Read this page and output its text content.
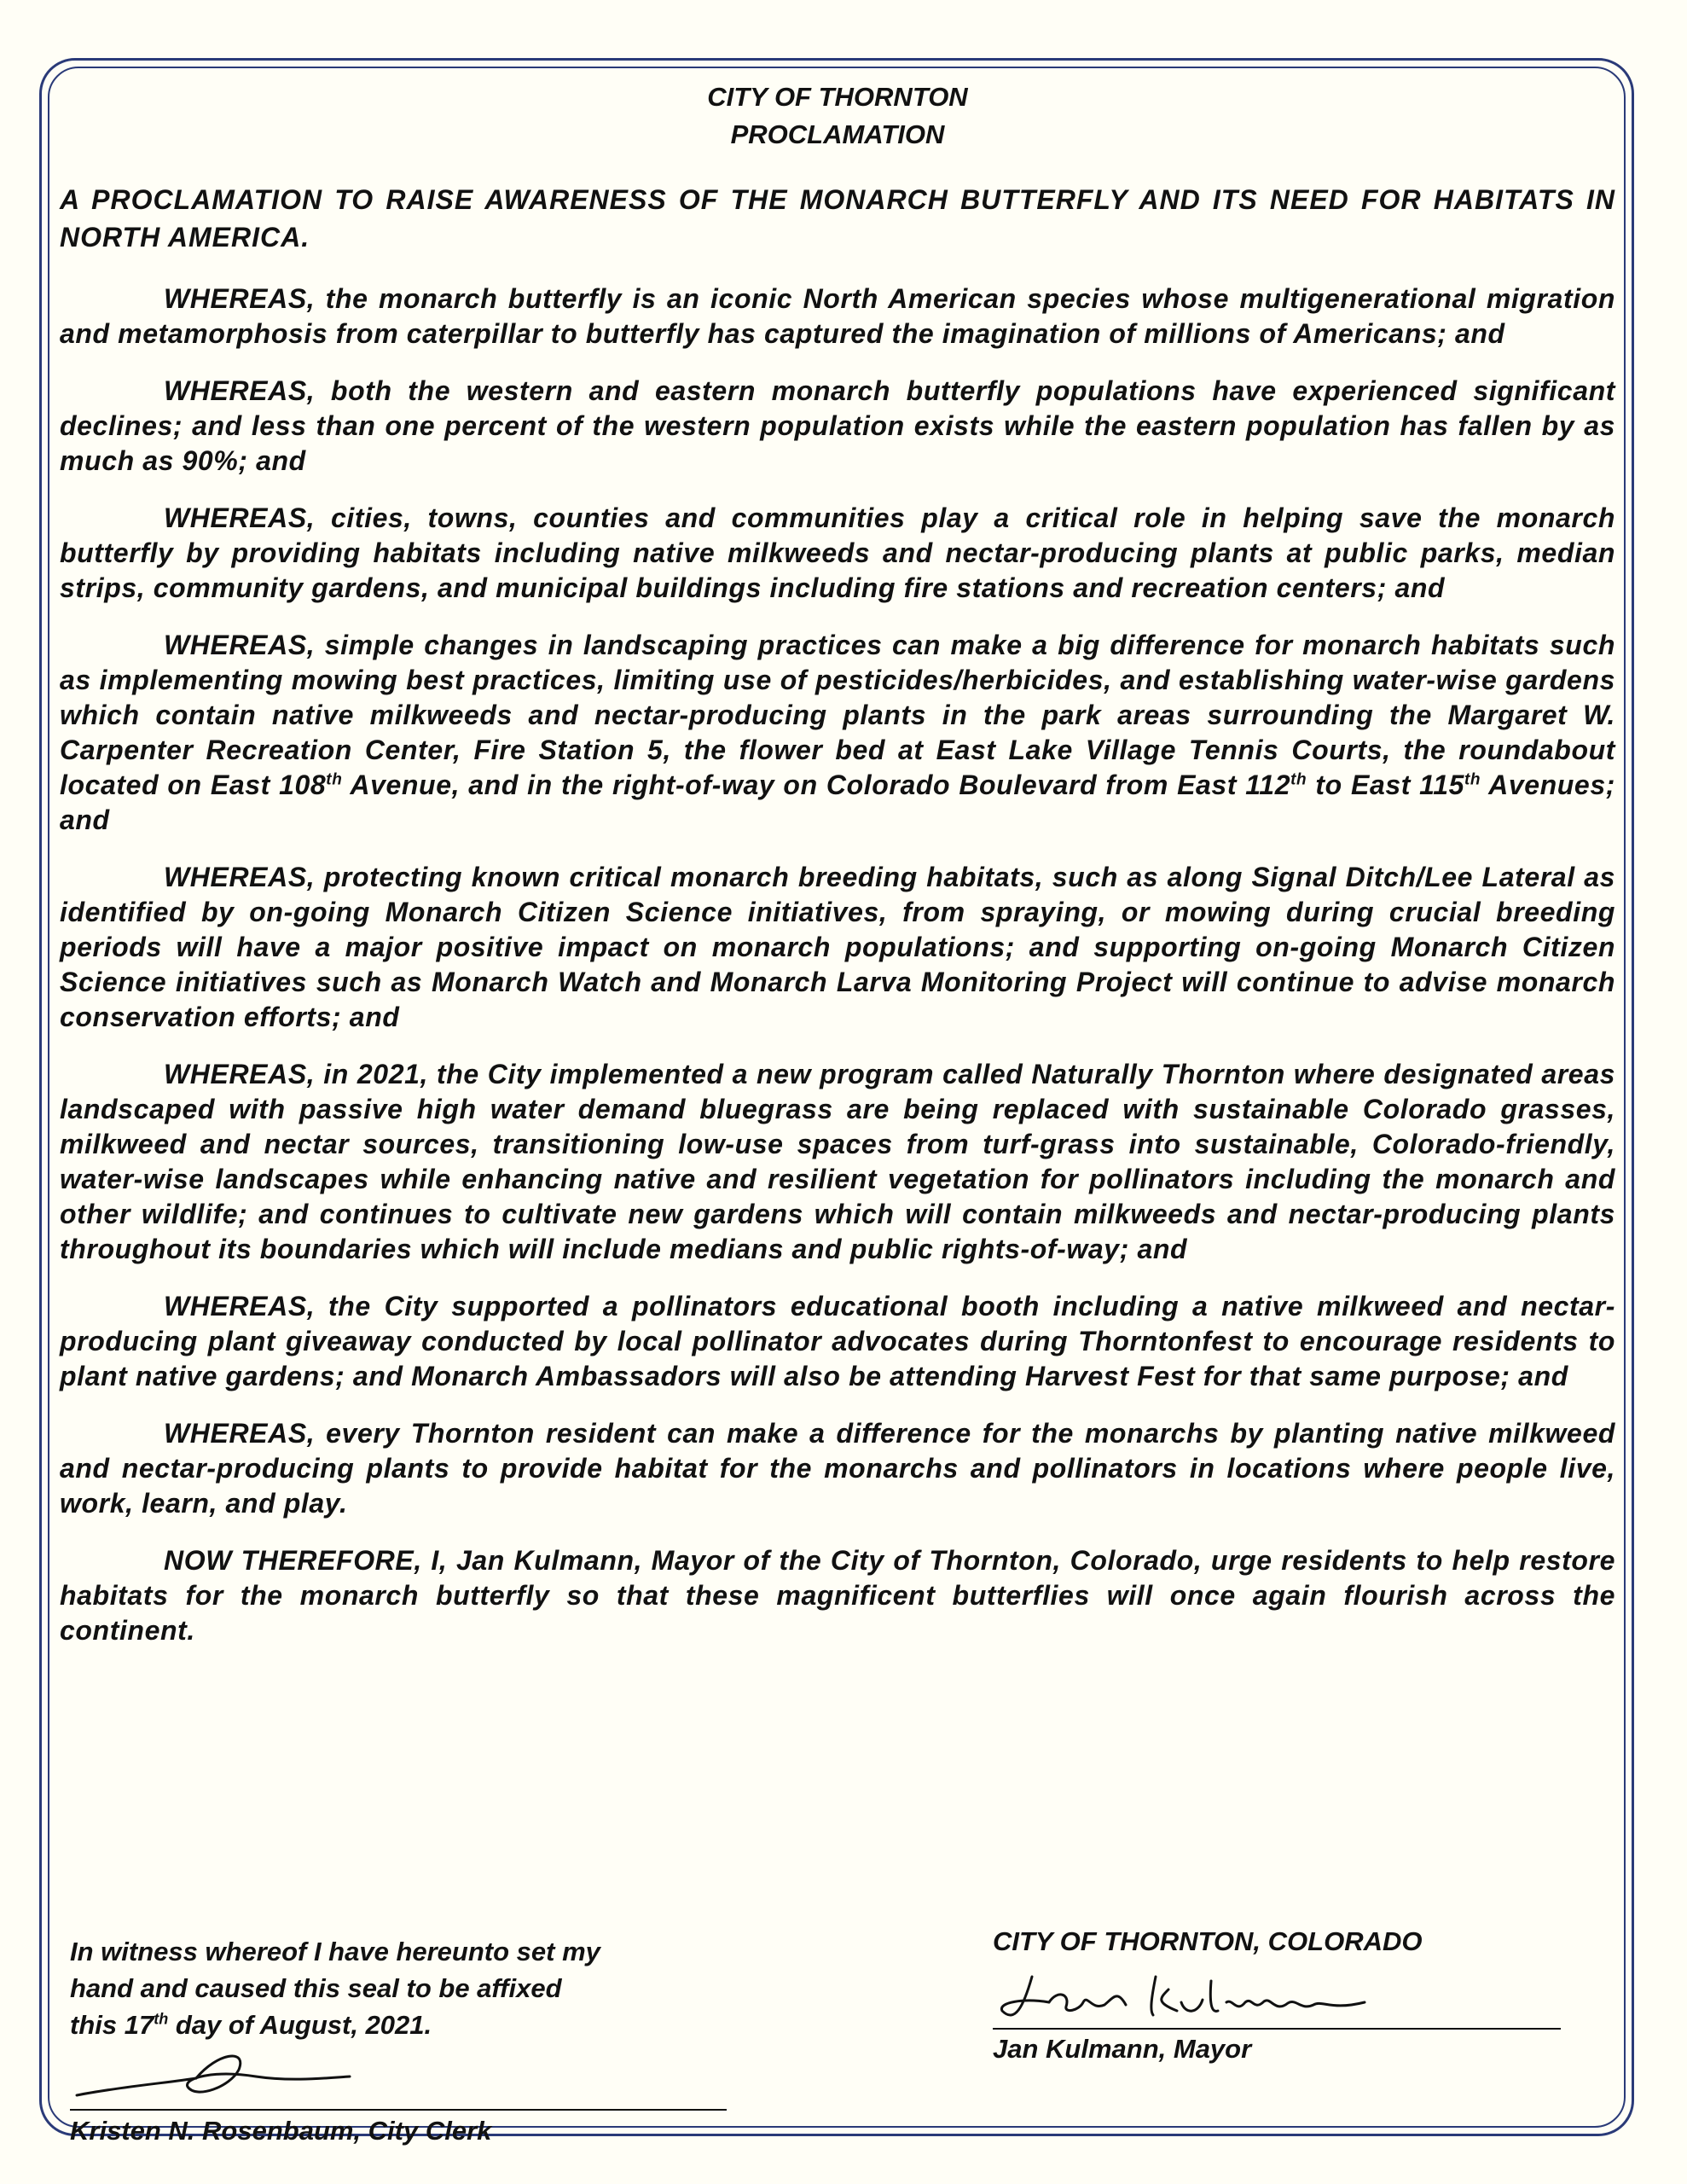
CITY OF THORNTON

PROCLAMATION

A PROCLAMATION TO RAISE AWARENESS OF THE MONARCH BUTTERFLY AND ITS NEED FOR HABITATS IN NORTH AMERICA.

WHEREAS, the monarch butterfly is an iconic North American species whose multigenerational migration and metamorphosis from caterpillar to butterfly has captured the imagination of millions of Americans; and

WHEREAS, both the western and eastern monarch butterfly populations have experienced significant declines; and less than one percent of the western population exists while the eastern population has fallen by as much as 90%; and

WHEREAS, cities, towns, counties and communities play a critical role in helping save the monarch butterfly by providing habitats including native milkweeds and nectar-producing plants at public parks, median strips, community gardens, and municipal buildings including fire stations and recreation centers; and

WHEREAS, simple changes in landscaping practices can make a big difference for monarch habitats such as implementing mowing best practices, limiting use of pesticides/herbicides, and establishing water-wise gardens which contain native milkweeds and nectar-producing plants in the park areas surrounding the Margaret W. Carpenter Recreation Center, Fire Station 5, the flower bed at East Lake Village Tennis Courts, the roundabout located on East 108th Avenue, and in the right-of-way on Colorado Boulevard from East 112th to East 115th Avenues; and

WHEREAS, protecting known critical monarch breeding habitats, such as along Signal Ditch/Lee Lateral as identified by on-going Monarch Citizen Science initiatives, from spraying, or mowing during crucial breeding periods will have a major positive impact on monarch populations; and supporting on-going Monarch Citizen Science initiatives such as Monarch Watch and Monarch Larva Monitoring Project will continue to advise monarch conservation efforts; and

WHEREAS, in 2021, the City implemented a new program called Naturally Thornton where designated areas landscaped with passive high water demand bluegrass are being replaced with sustainable Colorado grasses, milkweed and nectar sources, transitioning low-use spaces from turf-grass into sustainable, Colorado-friendly, water-wise landscapes while enhancing native and resilient vegetation for pollinators including the monarch and other wildlife; and continues to cultivate new gardens which will contain milkweeds and nectar-producing plants throughout its boundaries which will include medians and public rights-of-way; and

WHEREAS, the City supported a pollinators educational booth including a native milkweed and nectar-producing plant giveaway conducted by local pollinator advocates during Thorntonfest to encourage residents to plant native gardens; and Monarch Ambassadors will also be attending Harvest Fest for that same purpose; and

WHEREAS, every Thornton resident can make a difference for the monarchs by planting native milkweed and nectar-producing plants to provide habitat for the monarchs and pollinators in locations where people live, work, learn, and play.

NOW THEREFORE, I, Jan Kulmann, Mayor of the City of Thornton, Colorado, urge residents to help restore habitats for the monarch butterfly so that these magnificent butterflies will once again flourish across the continent.

In witness whereof I have hereunto set my
hand and caused this seal to be affixed
this 17th day of August, 2021.

Kristen N. Rosenbaum, City Clerk

CITY OF THORNTON, COLORADO

Jan Kulmann, Mayor
